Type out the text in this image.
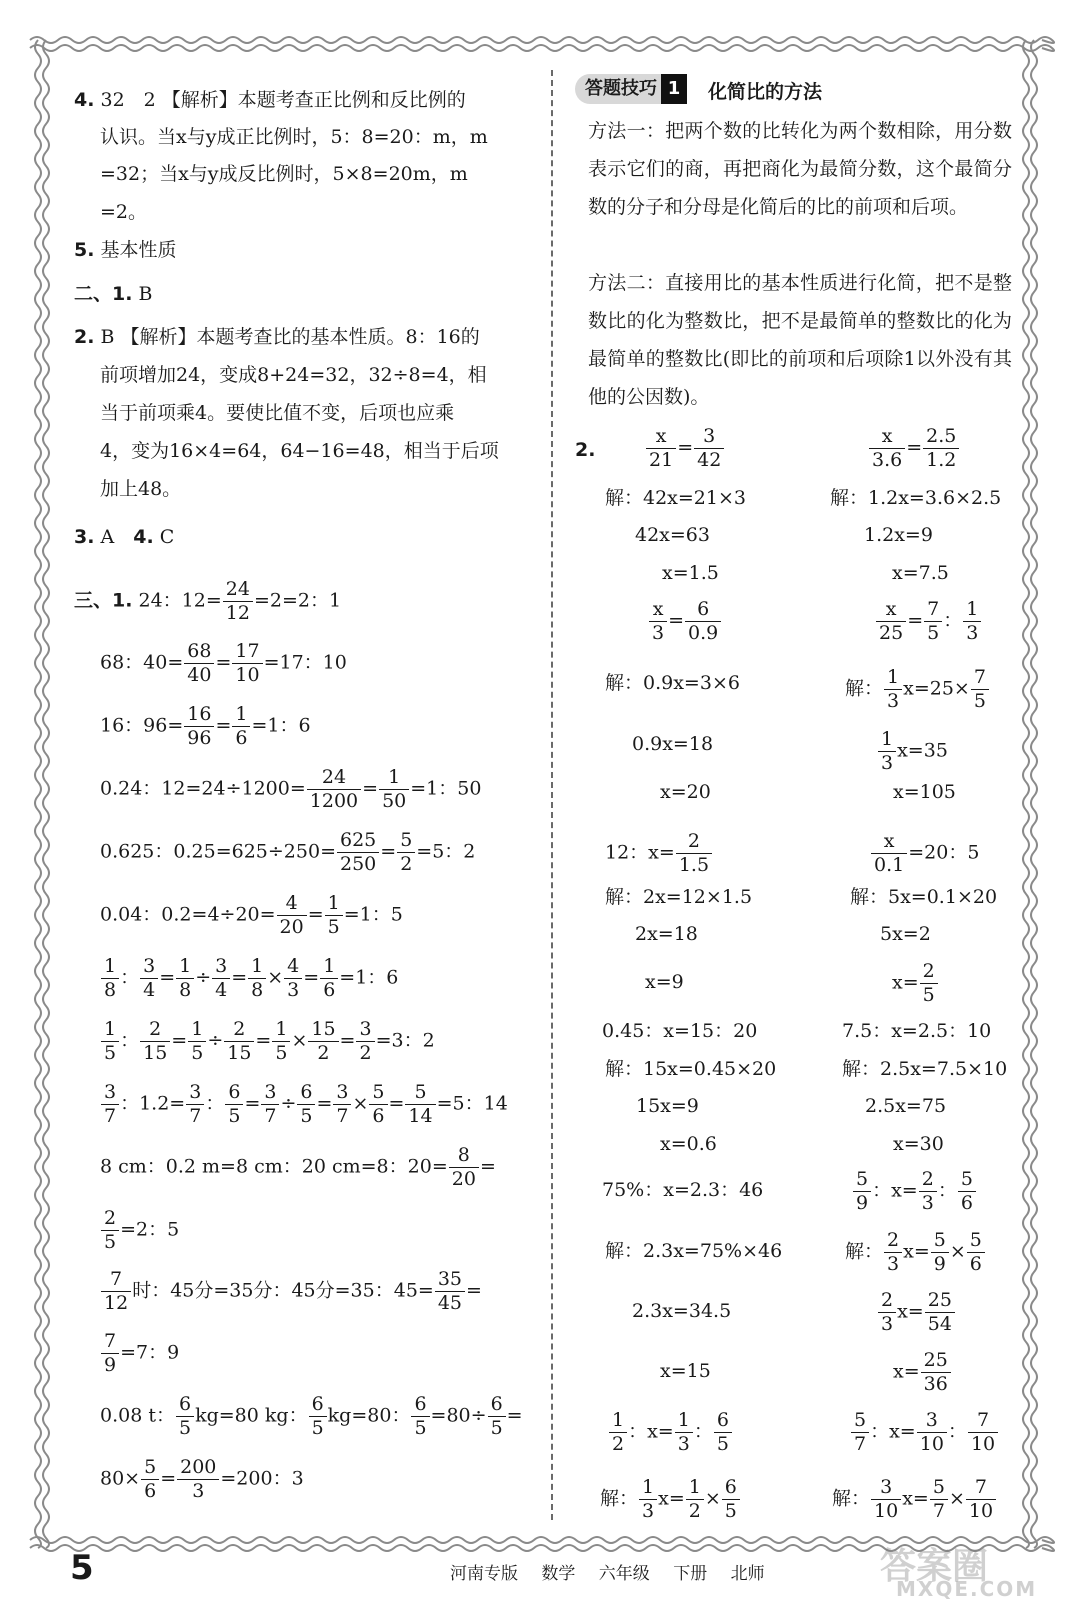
4. 32　2 【解析】本题考查正比例和反比例的
认识。当x与y成正比例时，5：8=20：m，m
=32；当x与y成反比例时，5×8=20m，m
=2。
5. 基本性质
二、1. B
2. B 【解析】本题考查比的基本性质。8：16的
前项增加24，变成8+24=32，32÷8=4，相
当于前项乘4。要使比值不变，后项也应乘
4，变为16×4=64，64−16=48，相当于后项
加上48。
3. A　 4. C
三、1. 24：$12= \frac{24}{12} =2=2$：1
68：$40= \frac{68}{40} = \frac{17}{10} =17$：10
16：$96= \frac{16}{96} = \frac{1}{6} =1$：6
0.24：$12=24\div 1200= \frac{24}{1200} = \frac{1}{50} =1$：50
0.625：$0.25=625\div 250= \frac{625}{250} = \frac{5}{2} =5$：2
0.04：$0.2=4\div 20= \frac{4}{20} = \frac{1}{5} =1$：5
$\frac{1}{8}$ ： $\frac{3}{4} = \frac{1}{8} \div \frac{3}{4} = \frac{1}{8} \times \frac{4}{3} = \frac{1}{6} =1$：6
$\frac{1}{5}$ ： $\frac{2}{15} = \frac{1}{5} \div \frac{2}{15} = \frac{1}{5} \times \frac{15}{2} = \frac{3}{2} =3$：2
$\frac{3}{7}$ ：$1.2= \frac{3}{7}$ ： $\frac{6}{5} = \frac{3}{7} \div \frac{6}{5} = \frac{3}{7} \times \frac{5}{6} = \frac{5}{14} =5$：14
8 cm：0.2 m=8 cm：20 cm=8：$20= \frac{8}{20}$ =
$\frac{2}{5} =2$：5
$\frac{7}{12}$ 时：45分=35分：45分=35：$45= \frac{35}{45}$ =
$\frac{7}{9} =7$：9
0.08 t： $\frac{6}{5} kg=80$ kg： $\frac{6}{5} kg=80$： $\frac{6}{5} =80\div \frac{6}{5}$ =
$80\times \frac{5}{6} = \frac{200}{3} =200$：3
答题技巧 1	化简比的方法
方法一：把两个数的比转化为两个数相除，用分数表示它们的商，再把商化为最简分数，这个最简分数的分子和分母是化简后的比的前项和后项。
方法二：直接用比的基本性质进行化简，把不是整数比的化为整数比，把不是最简单的整数比的化为最简单的整数比(即比的前项和后项除1以外没有其他的公因数)。
2.	$\frac{x}{21} = \frac{3}{42}$
解：42x=21×3
42x=63
x=1.5
$\frac{x}{3.6} = \frac{2.5}{1.2}$
解：1.2x=3.6×2.5
1.2x=9
x=7.5
$\frac{x}{3} = \frac{6}{0.9}$
解：0.9x=3×6
0.9x=18
x=20
$\frac{x}{25} = \frac{7}{5}$ ： $\frac{1}{3}$
解： $\frac{1}{3} x=25\times \frac{7}{5}$
$\frac{1}{3} x=35$
x=105
12：$x= \frac{2}{1.5}$
解：2x=12×1.5
2x=18
x=9
$\frac{x}{0.1} =20$：5
解：5x=0.1×20
5x=2
$x= \frac{2}{5}$
0.45：x=15：20
解：15x=0.45×20
15x=9
x=0.6
7.5：x=2.5：10
解：2.5x=7.5×10
2.5x=75
x=30
75%：x=2.3：46
解：2.3x=75%×46
2.3x=34.5
x=15
$\frac{5}{9}$ ：$x= \frac{2}{3}$ ： $\frac{5}{6}$
解： $\frac{2}{3} x= \frac{5}{9} \times \frac{5}{6}$
$\frac{2}{3} x= \frac{25}{54}$
$x= \frac{25}{36}$
$\frac{1}{2}$ ：$x= \frac{1}{3}$ ： $\frac{6}{5}$
解： $\frac{1}{3} x= \frac{1}{2} \times \frac{6}{5}$
$\frac{5}{7}$ ：$x= \frac{3}{10}$ ： $\frac{7}{10}$
解： $\frac{3}{10} x= \frac{5}{7} \times \frac{7}{10}$
5	河南专版 数学 六年级 下册 北师	答案圈
MXQE.COM
